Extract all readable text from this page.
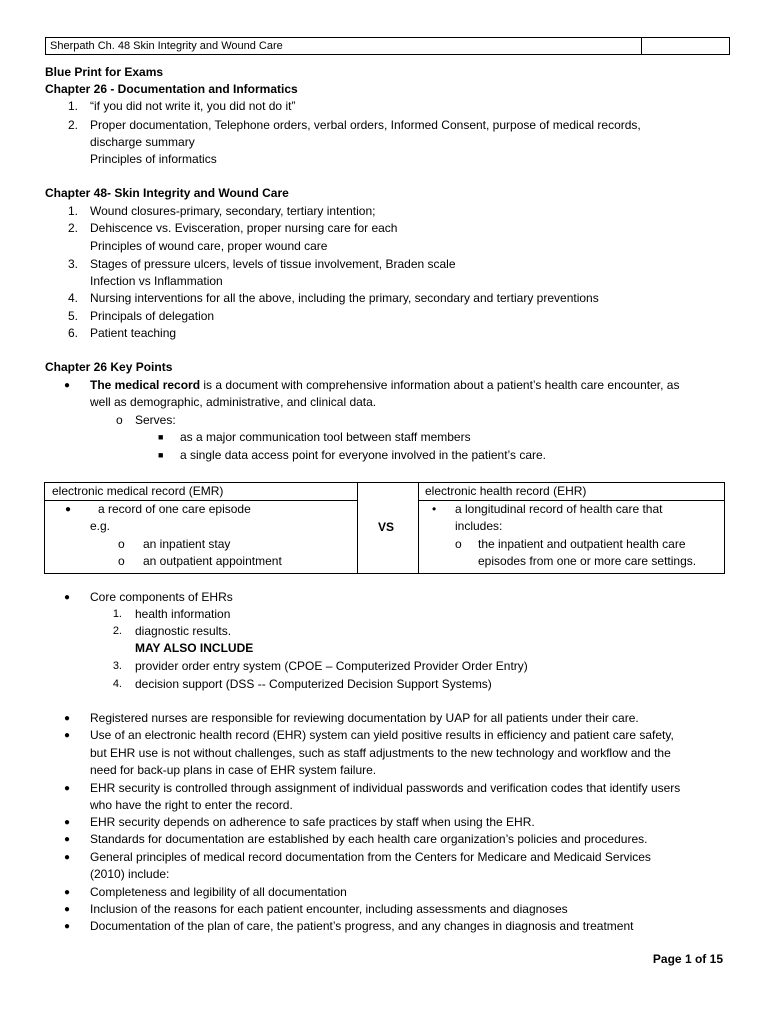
Sherpath Ch. 48 Skin Integrity and Wound Care
Blue Print for Exams
Chapter 26 - Documentation and Informatics
1. “if you did not write it, you did not do it”
2. Proper documentation, Telephone orders, verbal orders, Informed Consent, purpose of medical records,
discharge summary
Principles of informatics
Chapter 48- Skin Integrity and Wound Care
1. Wound closures-primary, secondary, tertiary intention;
2. Dehiscence vs. Evisceration, proper nursing care for each
Principles of wound care, proper wound care
3. Stages of pressure ulcers, levels of tissue involvement, Braden scale
Infection vs Inflammation
4. Nursing interventions for all the above, including the primary, secondary and tertiary preventions
5. Principals of delegation
6. Patient teaching
Chapter 26 Key Points
● The medical record is a document with comprehensive information about a patient’s health care encounter, as
well as demographic, administrative, and clinical data.
o Serves:
■ as a major communication tool between staff members
■ a single data access point for everyone involved in the patient’s care.
electronic medical record (EMR)	electronic health record (EHR)
VS
● a record of one care episode
e.g.
o an inpatient stay
o an outpatient appointment
• a longitudinal record of health care that
includes:
o the inpatient and outpatient health care
episodes from one or more care settings.
● Core components of EHRs
1. health information
2. diagnostic results.
MAY ALSO INCLUDE
3. provider order entry system (CPOE – Computerized Provider Order Entry)
4. decision support (DSS -- Computerized Decision Support Systems)
● Registered nurses are responsible for reviewing documentation by UAP for all patients under their care.
● Use of an electronic health record (EHR) system can yield positive results in efficiency and patient care safety,
but EHR use is not without challenges, such as staff adjustments to the new technology and workflow and the
need for back-up plans in case of EHR system failure.
● EHR security is controlled through assignment of individual passwords and verification codes that identify users
who have the right to enter the record.
● EHR security depends on adherence to safe practices by staff when using the EHR.
● Standards for documentation are established by each health care organization’s policies and procedures.
● General principles of medical record documentation from the Centers for Medicare and Medicaid Services
(2010) include:
● Completeness and legibility of all documentation
● Inclusion of the reasons for each patient encounter, including assessments and diagnoses
● Documentation of the plan of care, the patient’s progress, and any changes in diagnosis and treatment
Page 1 of 15
